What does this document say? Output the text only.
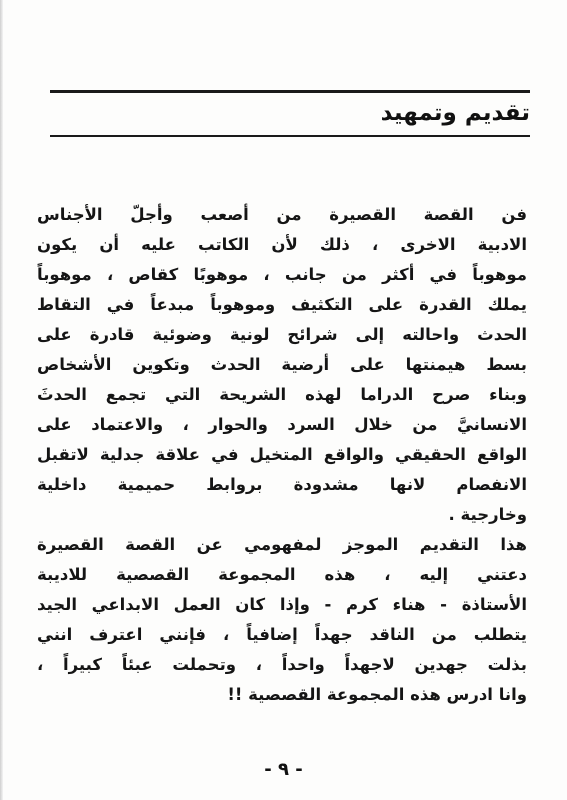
تقديم وتمهيد
فن القصة القصيرة من أصعب وأجلّ الأجناس
الادبية الاخرى ، ذلك لأن الكاتب عليه أن يكون
موهوباً في أكثر من جانب ، موهوبًا كقاص ، موهوباً
يملك القدرة على التكثيف وموهوباً مبدعاً في التقاط
الحدث واحالته إلى شرائح لونية وضوئية قادرة على
بسط هيمنتها على أرضية الحدث وتكوين الأشخاص
وبناء صرح الدراما لهذه الشريحة التي تجمع الحدثَ
الانسانيَّ من خلال السرد والحوار ، والاعتماد على
الواقع الحقيقي والواقع المتخيل في علاقة جدلية لاتقبل
الانفصام لانها مشدودة بروابط حميمية داخلية
وخارجية .
هذا التقديم الموجز لمفهومي عن القصة القصيرة
دعتني إليه ، هذه المجموعة القصصية للاديبة
الأستاذة - هناء كرم - وإذا كان العمل الابداعي الجيد
يتطلب من الناقد جهداً إضافياً ، فإنني اعترف انني
بذلت جهدين لاجهداً واحداً ، وتحملت عبئاً كبيراً ،
وانا ادرس هذه المجموعة القصصية !!
- ٩ -
